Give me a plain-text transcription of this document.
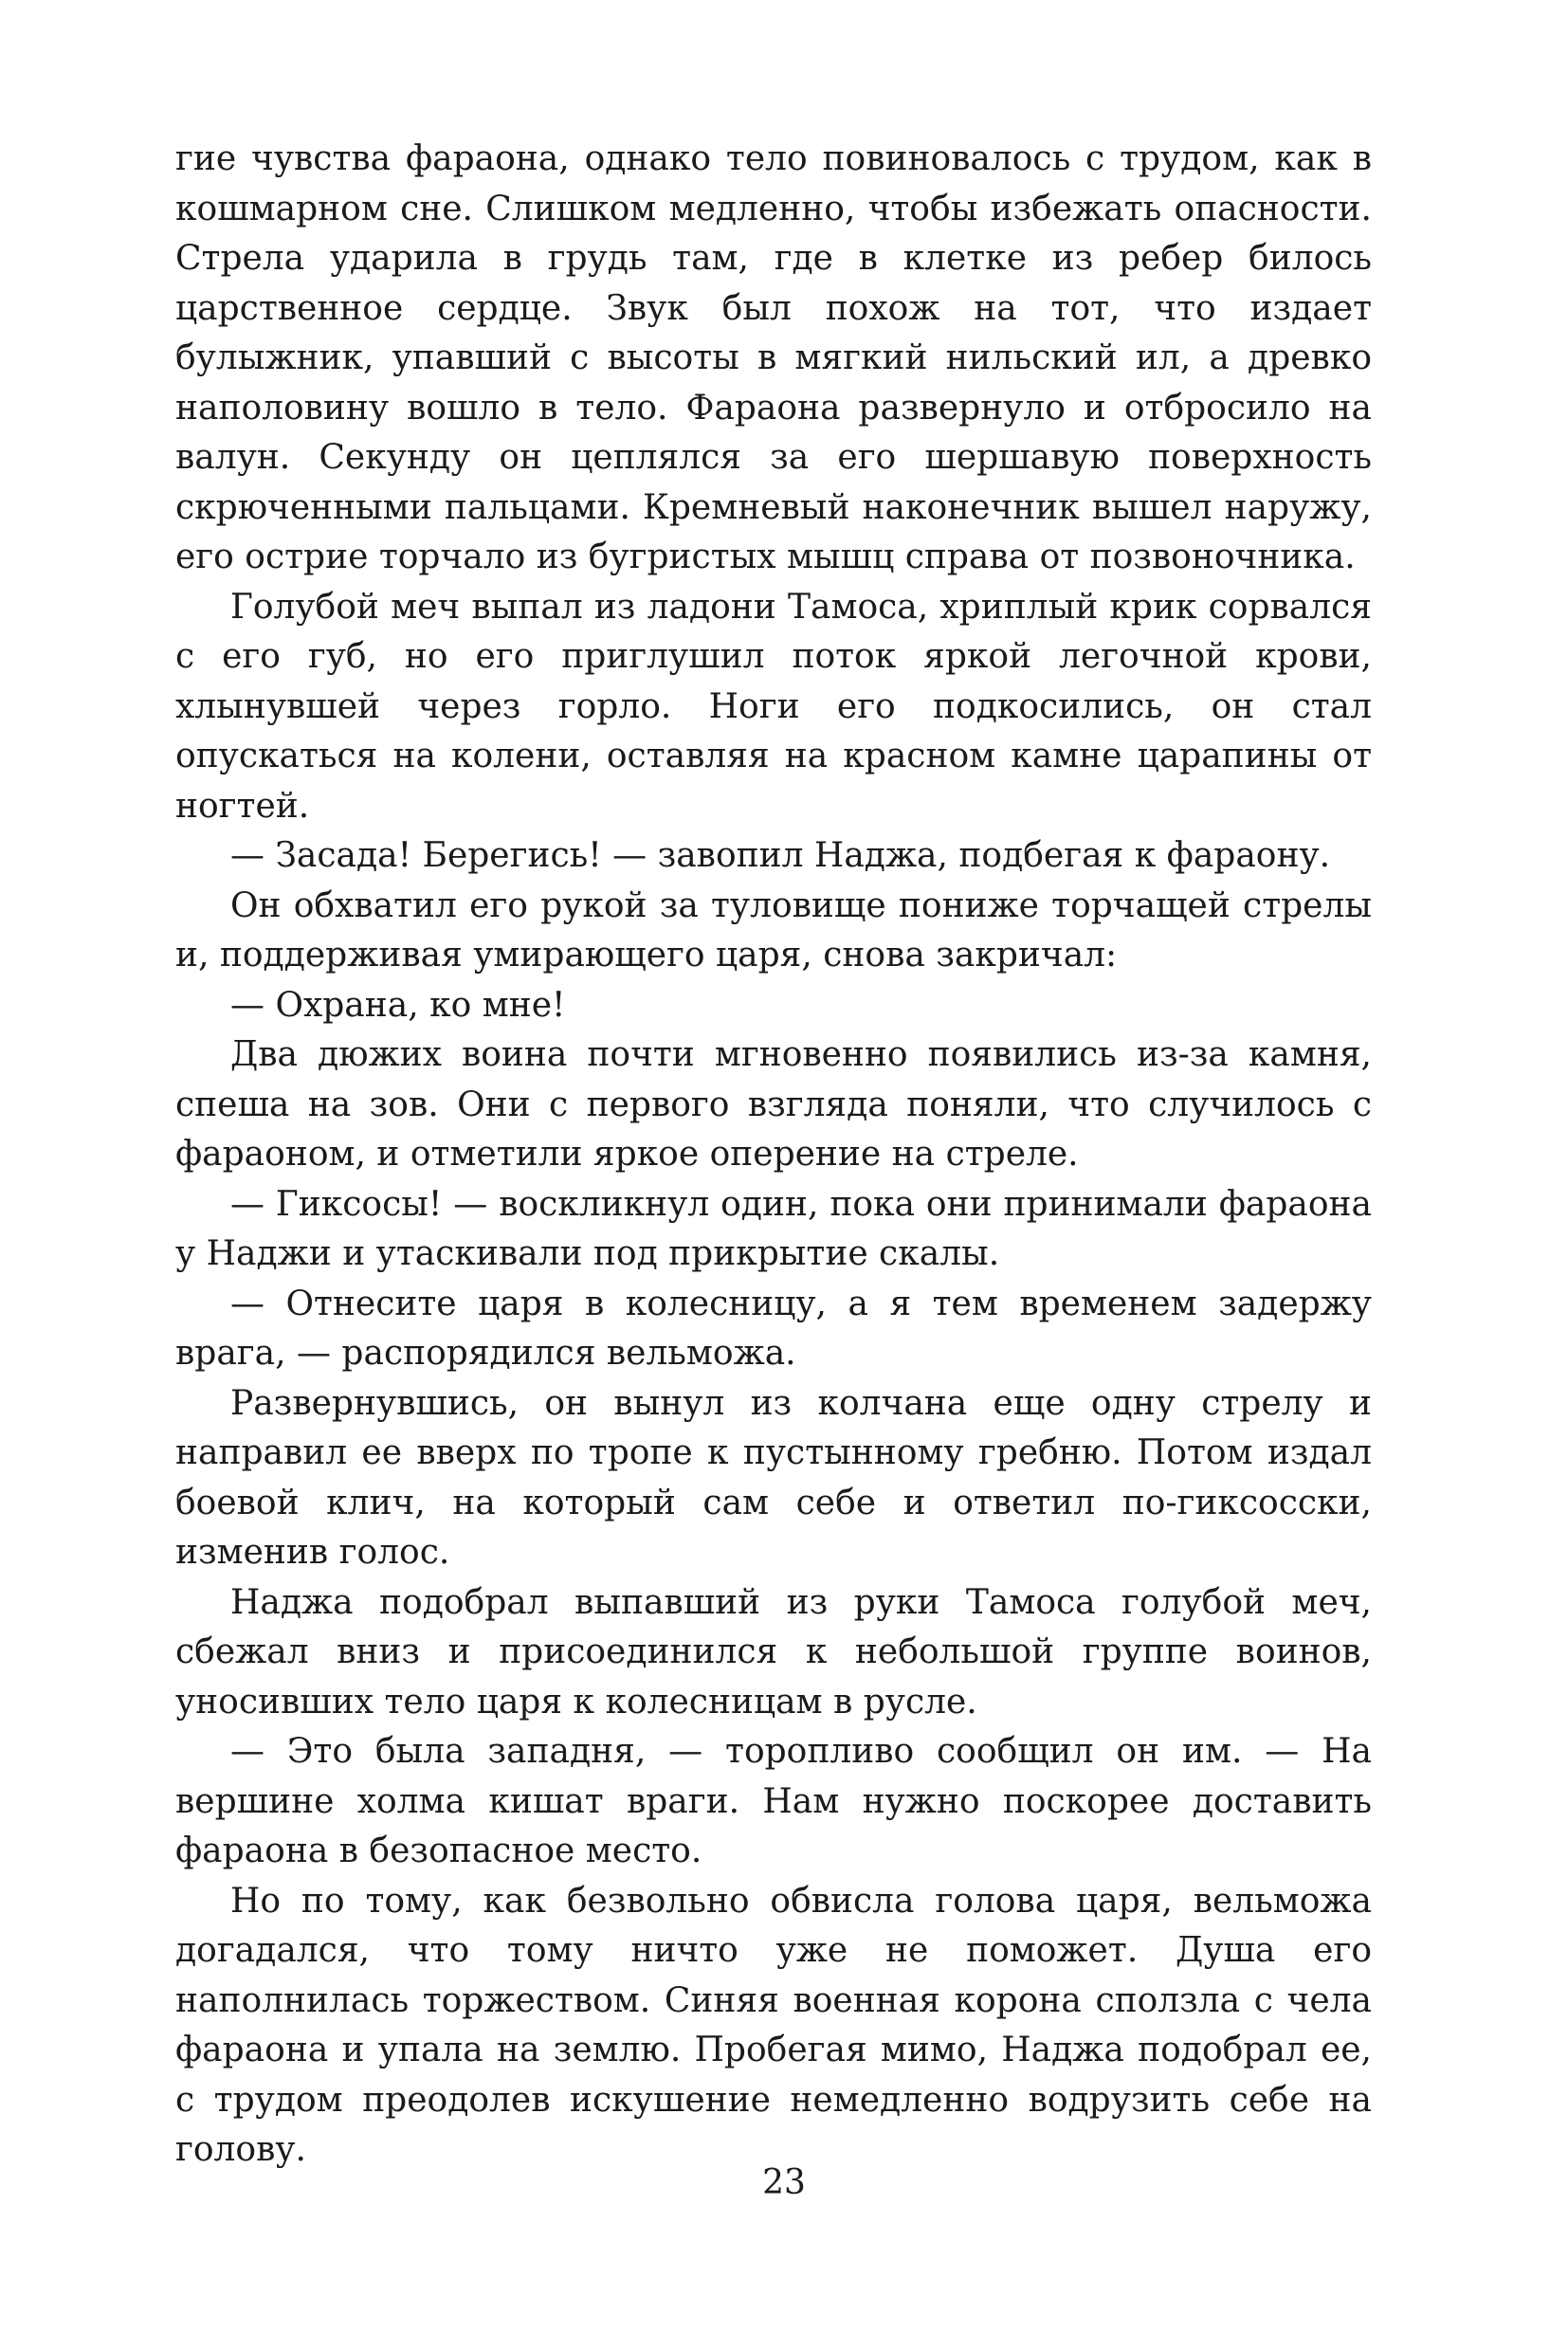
гие чувства фараона, однако тело повиновалось с трудом, как в кошмарном сне. Слишком медленно, чтобы избежать опасности. Стрела ударила в грудь там, где в клетке из ребер билось царственное сердце. Звук был похож на тот, что издает булыжник, упавший с высоты в мягкий нильский ил, а древко наполовину вошло в тело. Фараона развернуло и отбросило на валун. Секунду он цеплялся за его шершавую поверхность скрюченными пальцами. Кремневый наконечник вышел наружу, его острие торчало из бугристых мышц справа от позвоночника.

Голубой меч выпал из ладони Тамоса, хриплый крик сорвался с его губ, но его приглушил поток яркой легочной крови, хлынувшей через горло. Ноги его подкосились, он стал опускаться на колени, оставляя на красном камне царапины от ногтей.

— Засада! Берегись! — завопил Наджа, подбегая к фараону.

Он обхватил его рукой за туловище пониже торчащей стрелы и, поддерживая умирающего царя, снова закричал:

— Охрана, ко мне!

Два дюжих воина почти мгновенно появились из-за камня, спеша на зов. Они с первого взгляда поняли, что случилось с фараоном, и отметили яркое оперение на стреле.

— Гиксосы! — воскликнул один, пока они принимали фараона у Наджи и утаскивали под прикрытие скалы.

— Отнесите царя в колесницу, а я тем временем задержу врага, — распорядился вельможа.

Развернувшись, он вынул из колчана еще одну стрелу и направил ее вверх по тропе к пустынному гребню. Потом издал боевой клич, на который сам себе и ответил по-гиксосски, изменив голос.

Наджа подобрал выпавший из руки Тамоса голубой меч, сбежал вниз и присоединился к небольшой группе воинов, уносивших тело царя к колесницам в русле.

— Это была западня, — торопливо сообщил он им. — На вершине холма кишат враги. Нам нужно поскорее доставить фараона в безопасное место.

Но по тому, как безвольно обвисла голова царя, вельможа догадался, что тому ничто уже не поможет. Душа его наполнилась торжеством. Синяя военная корона сползла с чела фараона и упала на землю. Пробегая мимо, Наджа подобрал ее, с трудом преодолев искушение немедленно водрузить себе на голову.

23
